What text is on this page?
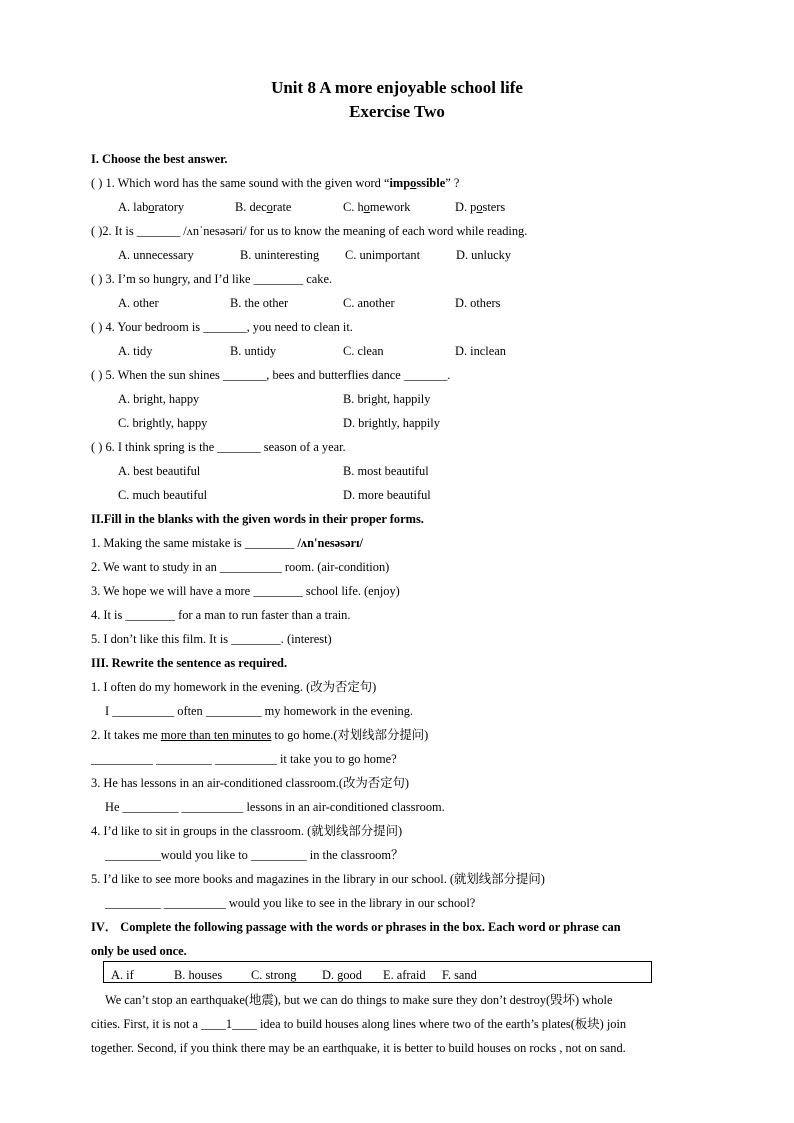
Unit 8 A more enjoyable school life
Exercise Two
I. Choose the best answer.
( ) 1. Which word has the same sound with the given word “impossible” ?
A. laboratory	B. decorate	C. homework	D. posters
( )2. It is _______ /ʌnˈnesəsəri/ for us to know the meaning of each word while reading.
A. unnecessary	B. uninteresting C. unimportant	D. unlucky
( ) 3. I’m so hungry, and I’d like ________ cake.
A. other	B. the other	C. another	D. others
( ) 4. Your bedroom is _______, you need to clean it.
A. tidy	B. untidy	C. clean	D. inclean
( ) 5. When the sun shines _______, bees and butterflies dance _______.
A. bright, happy	B. bright, happily
C. brightly, happy	D. brightly, happily
( ) 6. I think spring is the _______ season of a year.
A. best beautiful	B. most beautiful
C. much beautiful	D. more beautiful
II.Fill in the blanks with the given words in their proper forms.
1. Making the same mistake is ________ /ʌn'nesəsərɪ/
2. We want to study in an __________ room. (air-condition)
3. We hope we will have a more ________ school life. (enjoy)
4. It is ________ for a man to run faster than a train.
5. I don’t like this film. It is ________. (interest)
III. Rewrite the sentence as required.
1. I often do my homework in the evening. (改为否定句)
I __________ often _________ my homework in the evening.
2. It takes me more than ten minutes to go home.(对划线部分提问)
__________ _________ __________ it take you to go home?
3. He has lessons in an air-conditioned classroom.(改为否定句)
He _________ __________ lessons in an air-conditioned classroom.
4. I’d like to sit in groups in the classroom. (就划线部分提问)
_________would you like to _________ in the classroom？
5. I’d like to see more books and magazines in the library in our school. (就划线部分提问)
_________ __________ would you like to see in the library in our school?
IV． Complete the following passage with the words or phrases in the box. Each word or phrase can
only be used once.
A. if	B. houses C. strong D. good E. afraid F. sand
We can’t stop an earthquake(地震), but we can do things to make sure they don’t destroy(毁坏) whole
cities. First, it is not a ____1____ idea to build houses along lines where two of the earth’s plates(板块) join
together. Second, if you think there may be an earthquake, it is better to build houses on rocks , not on sand.
